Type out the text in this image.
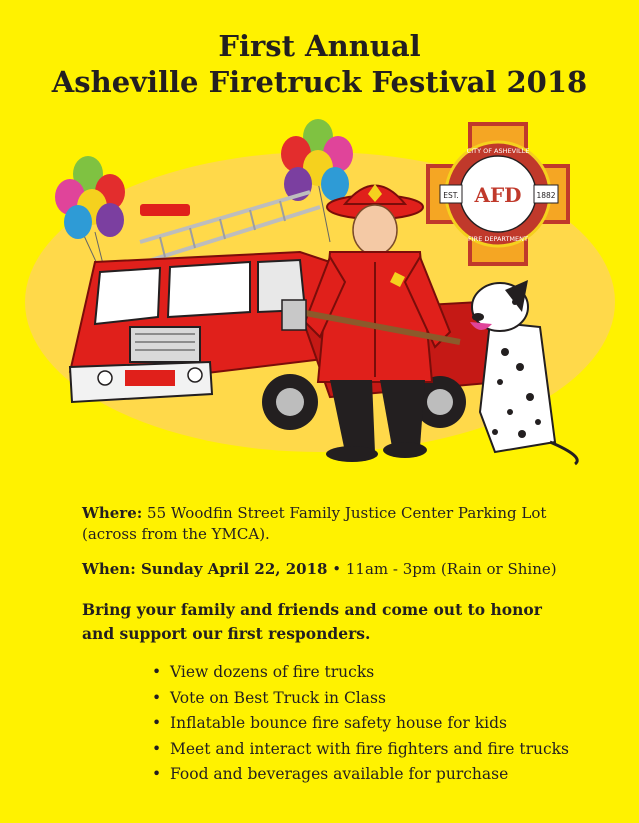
First Annual
Asheville Firetruck Festival 2018
EST.	1882
CITY OF ASHEVILLE
FIRE DEPARTMENT
AFD

Where: 55 Woodfin Street Family Justice Center Parking Lot (across from the YMCA).

When: Sunday April 22, 2018 • 11am - 3pm (Rain or Shine)

Bring your family and friends and come out to honor
and support our first responders.

• View dozens of fire trucks
• Vote on Best Truck in Class
• Inflatable bounce fire safety house for kids
• Meet and interact with fire fighters and fire trucks
• Food and beverages available for purchase
